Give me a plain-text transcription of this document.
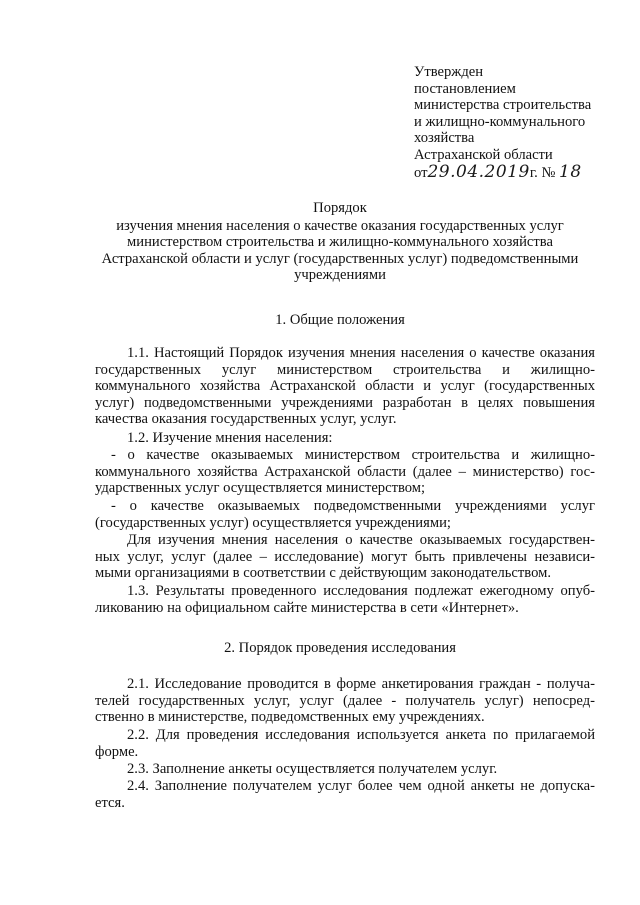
Утвержден
постановлением
министерства строительства
и жилищно-коммунального
хозяйства
Астраханской области
от29.04.2019г. № 18
Порядок
изучения мнения населения о качестве оказания государственных услуг
министерством строительства и жилищно-коммунального хозяйства
Астраханской области и услуг (государственных услуг) подведомственными
учреждениями
1. Общие положения
1.1. Настоящий Порядок изучения мнения населения о качестве оказания
государственных услуг министерством строительства и жилищно-
коммунального хозяйства Астраханской области и услуг (государственных
услуг) подведомственными учреждениями разработан в целях повышения
качества оказания государственных услуг, услуг.
1.2. Изучение мнения населения:
- о качестве оказываемых министерством строительства и жилищно-
коммунального хозяйства Астраханской области (далее – министерство) гос-
ударственных услуг осуществляется министерством;
- о качестве оказываемых подведомственными учреждениями услуг
(государственных услуг) осуществляется учреждениями;
Для изучения мнения населения о качестве оказываемых государствен-
ных услуг, услуг (далее – исследование) могут быть привлечены независи-
мыми организациями в соответствии с действующим законодательством.
1.3. Результаты проведенного исследования подлежат ежегодному опуб-
ликованию на официальном сайте министерства в сети «Интернет».
2. Порядок проведения исследования
2.1. Исследование проводится в форме анкетирования граждан - получа-
телей государственных услуг, услуг (далее - получатель услуг) непосред-
ственно в министерстве, подведомственных ему учреждениях.
2.2. Для проведения исследования используется анкета по прилагаемой
форме.
2.3. Заполнение анкеты осуществляется получателем услуг.
2.4. Заполнение получателем услуг более чем одной анкеты не допуска-
ется.
